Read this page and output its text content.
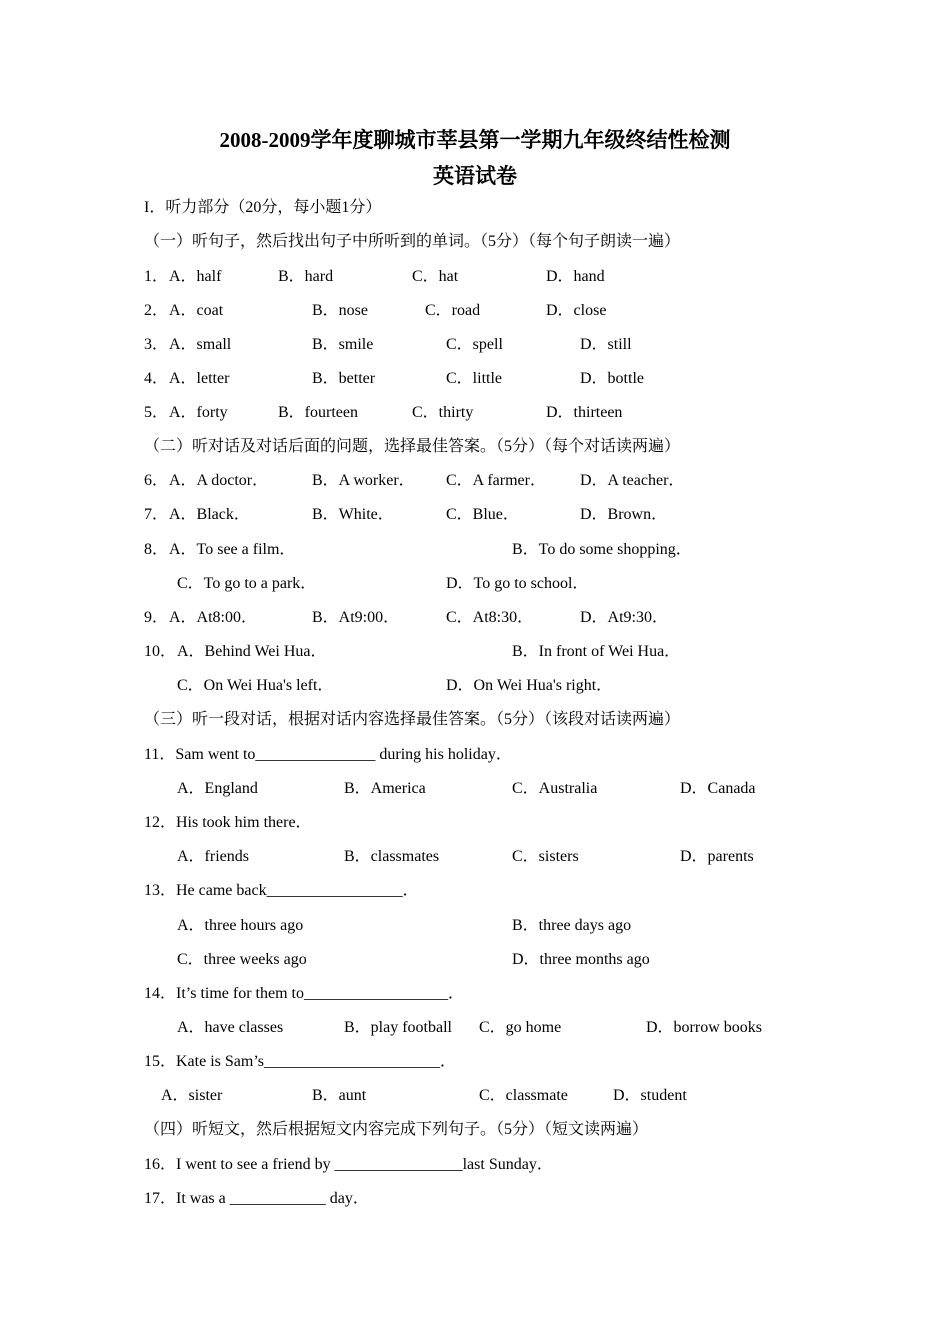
2008-2009学年度聊城市莘县第一学期九年级终结性检测
英语试卷
I．听力部分（20分，每小题1分）
（一）听句子，然后找出句子中所听到的单词。（5分）（每个句子朗读一遍）
1． A．half	B．hard	C．hat	D．hand
2． A．coat	B．nose	C．road	D．close
3． A．small	B．smile	C．spell	D．still
4． A．letter	B．better	C．little	D．bottle
5． A．forty	B．fourteen	C．thirty	D．thirteen
（二）听对话及对话后面的问题，选择最佳答案。（5分）（每个对话读两遍）
6． A．A doctor．	B．A worker． C．A farmer． D．A teacher．
7． A．Black．	B．White．	C．Blue．	D．Brown．
8． A．To see a film．	B．To do some shopping．
C．To go to a park．	D．To go to school．
9． A．At8:00．	B．At9:00．	C．At8:30．	D．At9:30．
10． A．Behind Wei Hua．	B．In front of Wei Hua．
C．On Wei Hua's left．	D．On Wei Hua's right．
（三）听一段对话，根据对话内容选择最佳答案。（5分）（该段对话读两遍）
11．Sam went to_______________ during his holiday．
A．England	B．America	C．Australia	D．Canada
12．His took him there．
A．friends	B．classmates	C．sisters	D．parents
13．He came back_________________．
A．three hours ago	B．three days ago
C．three weeks ago	D．three months ago
14．It’s time for them to__________________．
A．have classes	B．play football C．go home	D．borrow books
15．Kate is Sam’s______________________．
A．sister	B．aunt	C．classmate	D．student
（四）听短文，然后根据短文内容完成下列句子。（5分）（短文读两遍）
16．I went to see a friend by ________________last Sunday．
17．It was a ____________ day．
